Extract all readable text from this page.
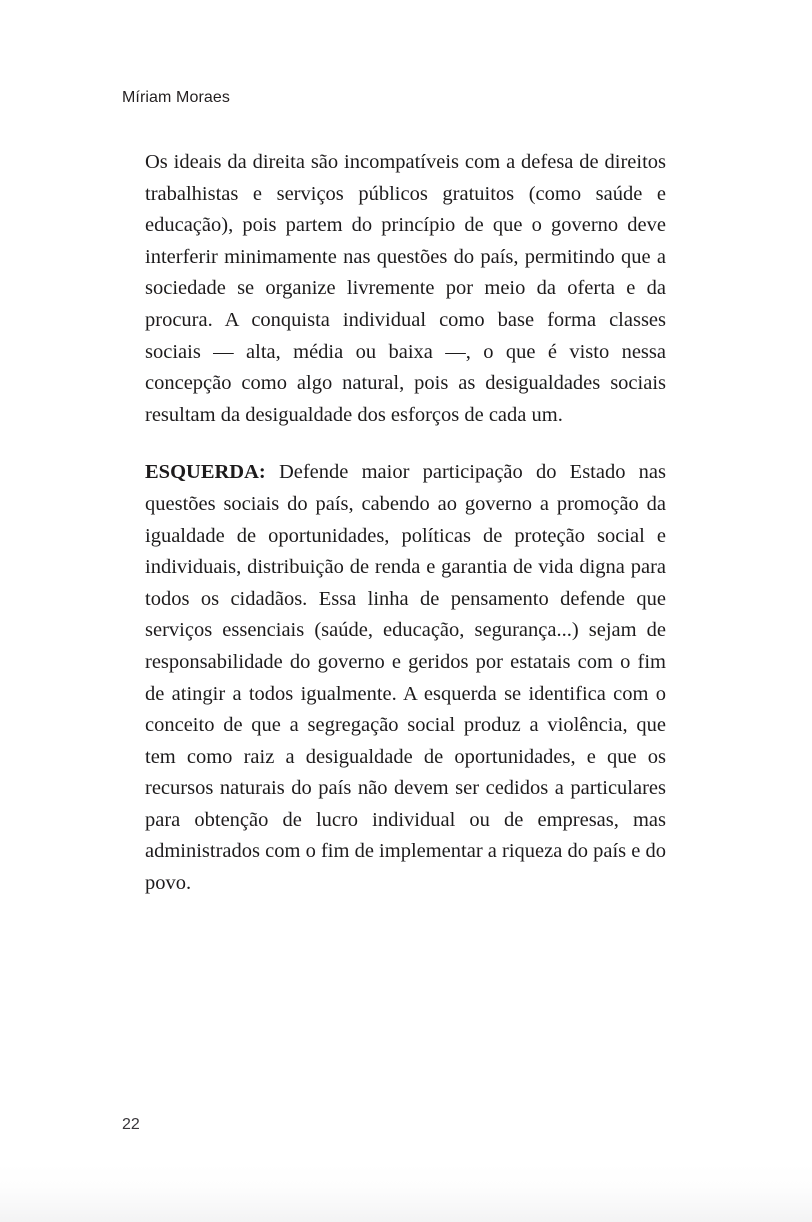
Míriam Moraes

Os ideais da direita são incompatíveis com a defesa de direitos trabalhistas e serviços públicos gratuitos (como saúde e educação), pois partem do princípio de que o governo deve interferir minimamente nas questões do país, permitindo que a sociedade se organize livremente por meio da oferta e da procura. A conquista individual como base forma classes sociais — alta, média ou baixa —, o que é visto nessa concepção como algo natural, pois as desigualdades sociais resultam da desigualdade dos esforços de cada um.

ESQUERDA: Defende maior participação do Estado nas questões sociais do país, cabendo ao governo a promoção da igualdade de oportunidades, políticas de proteção social e individuais, distribuição de renda e garantia de vida digna para todos os cidadãos. Essa linha de pensamento defende que serviços essenciais (saúde, educação, segurança...) sejam de responsabilidade do governo e geridos por estatais com o fim de atingir a todos igualmente. A esquerda se identifica com o conceito de que a segregação social produz a violência, que tem como raiz a desigualdade de oportunidades, e que os recursos naturais do país não devem ser cedidos a particulares para obtenção de lucro individual ou de empresas, mas administrados com o fim de implementar a riqueza do país e do povo.

22
